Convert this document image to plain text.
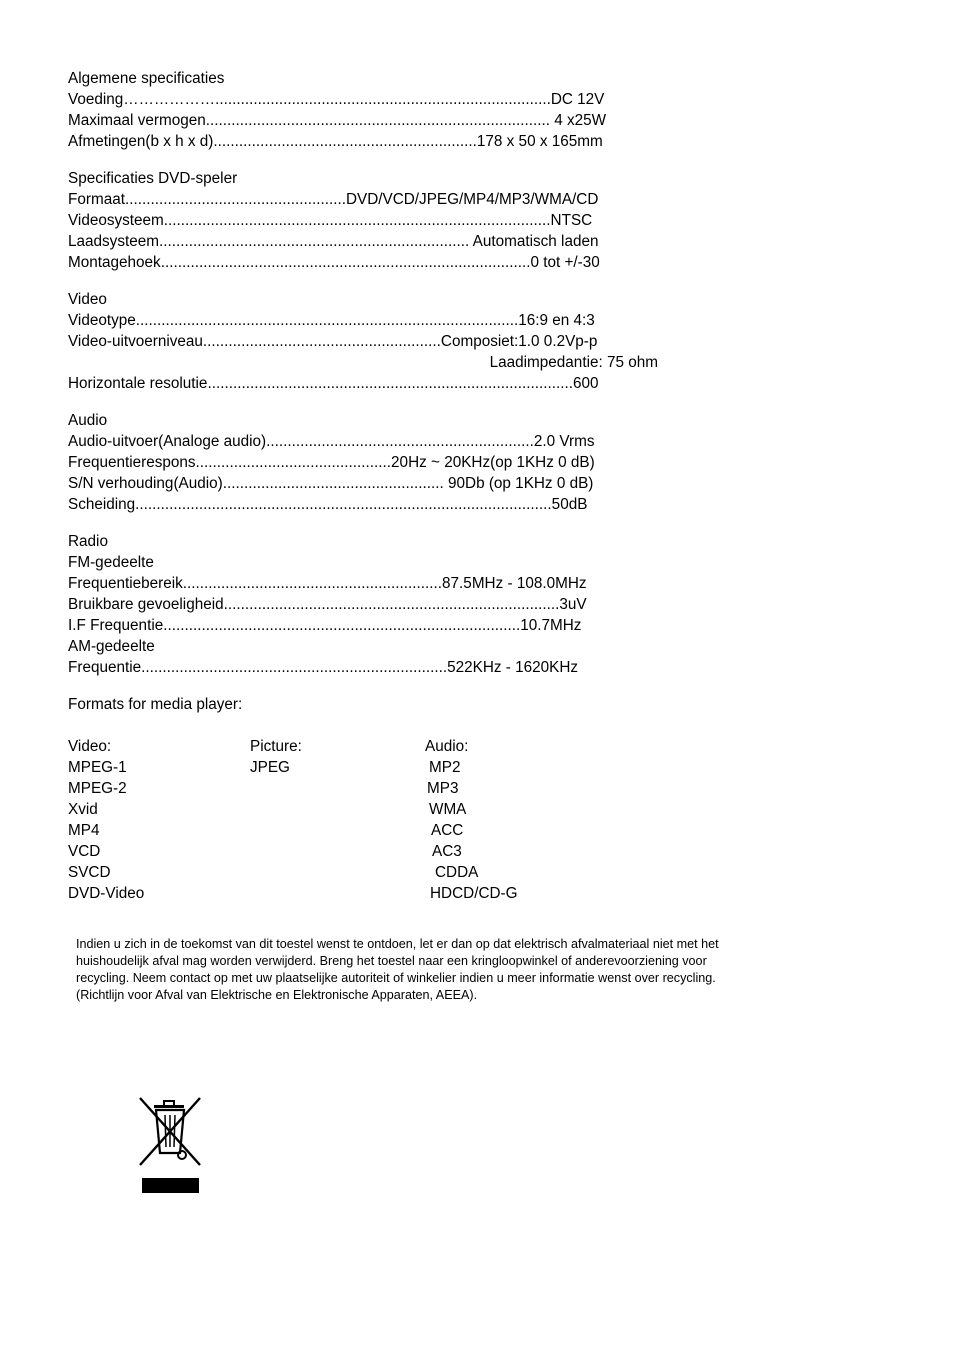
Algemene specificaties
Voeding………………...............................................................................DC 12V
Maximaal vermogen................................................................................. 4 x25W
Afmetingen(b x h x d)..............................................................178 x 50 x 165mm
Specificaties DVD-speler
Formaat....................................................DVD/VCD/JPEG/MP4/MP3/WMA/CD
Videosysteem...........................................................................................NTSC
Laadsysteem......................................................................... Automatisch laden
Montagehoek.......................................................................................0 tot +/-30
Video
Videotype..........................................................................................16:9 en 4:3
Video-uitvoerniveau........................................................Composiet:1.0 0.2Vp-p
Laadimpedantie: 75 ohm
Horizontale resolutie......................................................................................600
Audio
Audio-uitvoer(Analoge audio)...............................................................2.0 Vrms
Frequentierespons..............................................20Hz ~ 20KHz(op 1KHz 0 dB)
S/N verhouding(Audio).................................................... 90Db (op 1KHz 0 dB)
Scheiding..................................................................................................50dB
Radio
FM-gedeelte
Frequentiebereik.............................................................87.5MHz - 108.0MHz
Bruikbare gevoeligheid...............................................................................3uV
I.F Frequentie....................................................................................10.7MHz
AM-gedeelte
Frequentie........................................................................522KHz - 1620KHz
Formats for media player:
Video:
MPEG-1
MPEG-2
Xvid
MP4
VCD
SVCD
DVD-Video
Picture:
JPEG
Audio:
MP2
MP3
WMA
ACC
AC3
CDDA
HDCD/CD-G

Indien u zich in de toekomst van dit toestel wenst te ontdoen, let er dan op dat elektrisch afvalmateriaal niet met het

huishoudelijk afval mag worden verwijderd. Breng het toestel naar een kringloopwinkel of anderevoorziening voor

recycling. Neem contact op met uw plaatselijke autoriteit of winkelier indien u meer informatie wenst over recycling.

(Richtlijn voor Afval van Elektrische en Elektronische Apparaten, AEEA).
